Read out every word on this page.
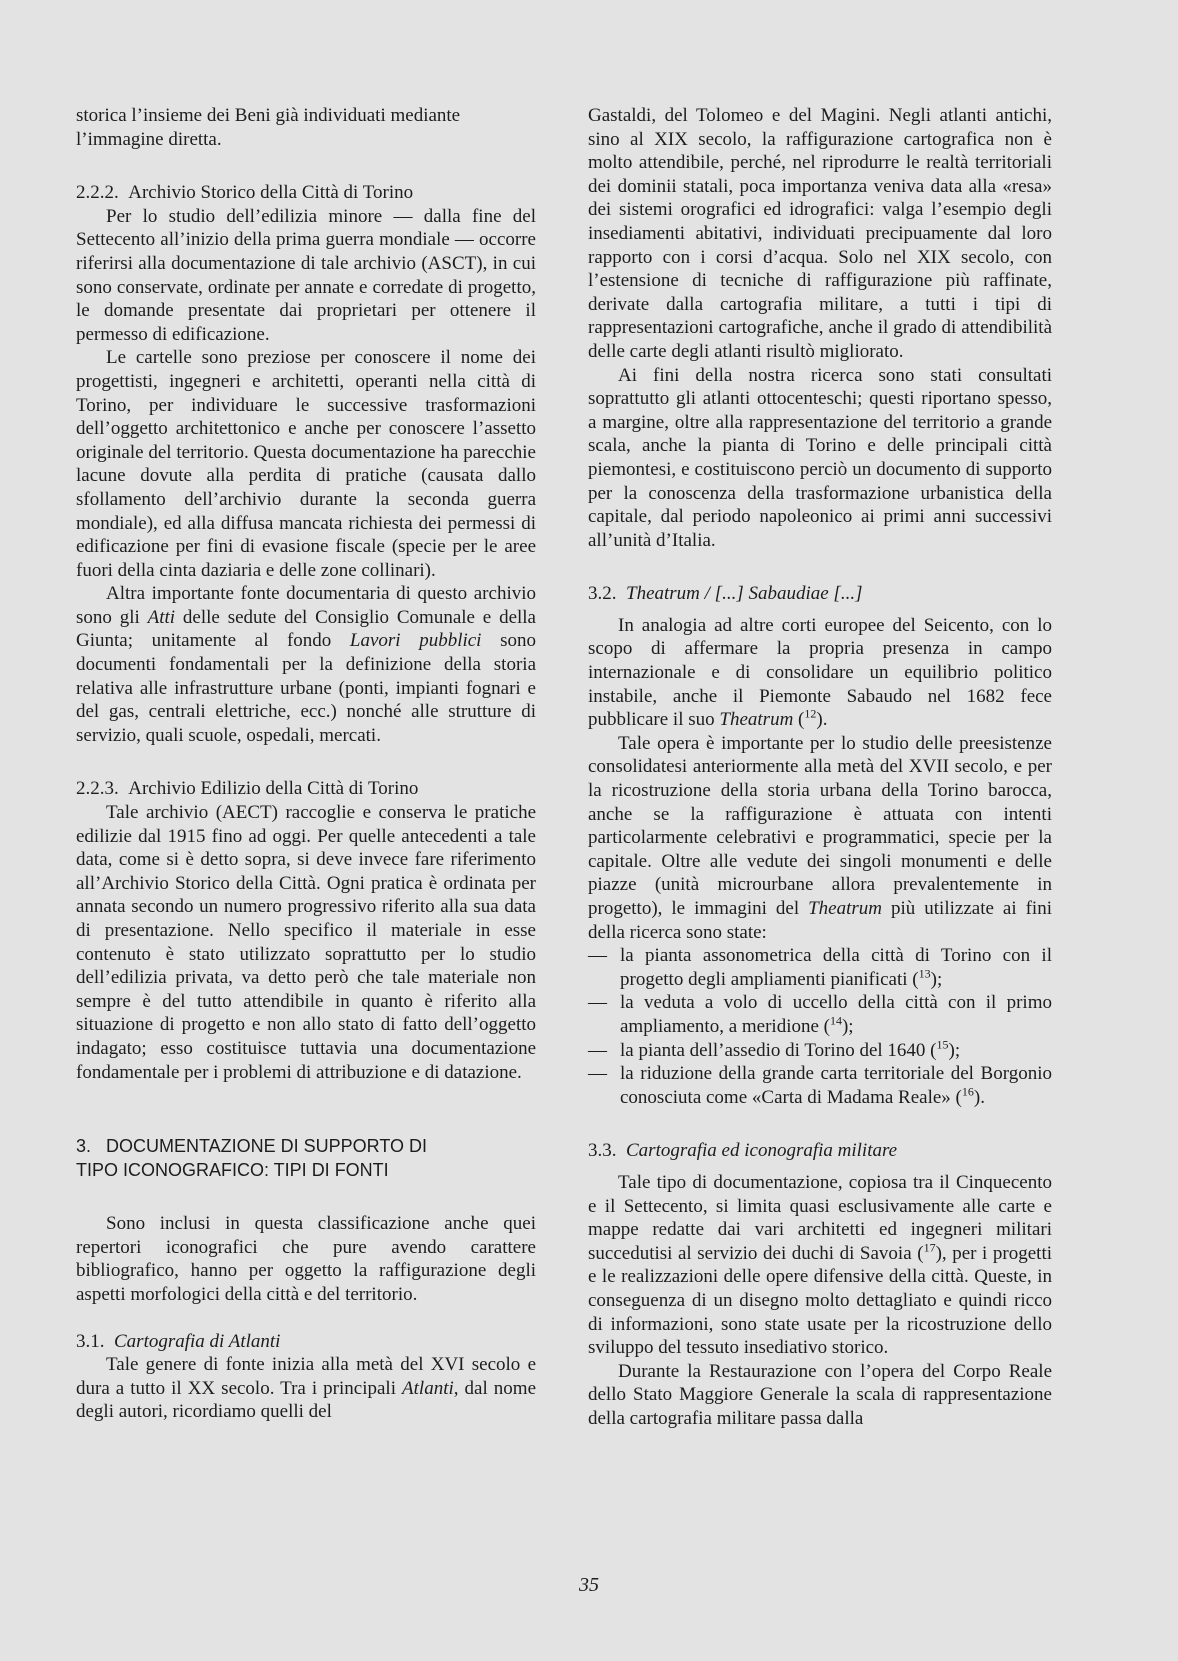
storica l’insieme dei Beni già individuati mediante l’immagine diretta.

2.2.2. Archivio Storico della Città di Torino

Per lo studio dell’edilizia minore — dalla fine del Settecento all’inizio della prima guerra mondiale — occorre riferirsi alla documentazione di tale archivio (ASCT), in cui sono conservate, ordinate per annate e corredate di progetto, le domande presentate dai proprietari per ottenere il permesso di edificazione.

Le cartelle sono preziose per conoscere il nome dei progettisti, ingegneri e architetti, operanti nella città di Torino, per individuare le successive trasformazioni dell’oggetto architettonico e anche per conoscere l’assetto originale del territorio. Questa documentazione ha parecchie lacune dovute alla perdita di pratiche (causata dallo sfollamento dell’archivio durante la seconda guerra mondiale), ed alla diffusa mancata richiesta dei permessi di edificazione per fini di evasione fiscale (specie per le aree fuori della cinta daziaria e delle zone collinari).

Altra importante fonte documentaria di questo archivio sono gli Atti delle sedute del Consiglio Comunale e della Giunta; unitamente al fondo Lavori pubblici sono documenti fondamentali per la definizione della storia relativa alle infrastrutture urbane (ponti, impianti fognari e del gas, centrali elettriche, ecc.) nonché alle strutture di servizio, quali scuole, ospedali, mercati.

2.2.3. Archivio Edilizio della Città di Torino

Tale archivio (AECT) raccoglie e conserva le pratiche edilizie dal 1915 fino ad oggi. Per quelle antecedenti a tale data, come si è detto sopra, si deve invece fare riferimento all’Archivio Storico della Città. Ogni pratica è ordinata per annata secondo un numero progressivo riferito alla sua data di presentazione. Nello specifico il materiale in esse contenuto è stato utilizzato soprattutto per lo studio dell’edilizia privata, va detto però che tale materiale non sempre è del tutto attendibile in quanto è riferito alla situazione di progetto e non allo stato di fatto dell’oggetto indagato; esso costituisce tuttavia una documentazione fondamentale per i problemi di attribuzione e di datazione.

3. DOCUMENTAZIONE DI SUPPORTO DI

TIPO ICONOGRAFICO: TIPI DI FONTI

Sono inclusi in questa classificazione anche quei repertori iconografici che pure avendo carattere bibliografico, hanno per oggetto la raffigurazione degli aspetti morfologici della città e del territorio.

3.1. Cartografia di Atlanti

Tale genere di fonte inizia alla metà del XVI secolo e dura a tutto il XX secolo. Tra i principali Atlanti, dal nome degli autori, ricordiamo quelli del

Gastaldi, del Tolomeo e del Magini. Negli atlanti antichi, sino al XIX secolo, la raffigurazione cartografica non è molto attendibile, perché, nel riprodurre le realtà territoriali dei dominii statali, poca importanza veniva data alla «resa» dei sistemi orografici ed idrografici: valga l’esempio degli insediamenti abitativi, individuati precipuamente dal loro rapporto con i corsi d’acqua. Solo nel XIX secolo, con l’estensione di tecniche di raffigurazione più raffinate, derivate dalla cartografia militare, a tutti i tipi di rappresentazioni cartografiche, anche il grado di attendibilità delle carte degli atlanti risultò migliorato.

Ai fini della nostra ricerca sono stati consultati soprattutto gli atlanti ottocenteschi; questi riportano spesso, a margine, oltre alla rappresentazione del territorio a grande scala, anche la pianta di Torino e delle principali città piemontesi, e costituiscono perciò un documento di supporto per la conoscenza della trasformazione urbanistica della capitale, dal periodo napoleonico ai primi anni successivi all’unità d’Italia.

3.2. Theatrum / [...] Sabaudiae [...]

In analogia ad altre corti europee del Seicento, con lo scopo di affermare la propria presenza in campo internazionale e di consolidare un equilibrio politico instabile, anche il Piemonte Sabaudo nel 1682 fece pubblicare il suo Theatrum ($^{12}$).

Tale opera è importante per lo studio delle preesistenze consolidatesi anteriormente alla metà del XVII secolo, e per la ricostruzione della storia urbana della Torino barocca, anche se la raffigurazione è attuata con intenti particolarmente celebrativi e programmatici, specie per la capitale. Oltre alle vedute dei singoli monumenti e delle piazze (unità microurbane allora prevalentemente in progetto), le immagini del Theatrum più utilizzate ai fini della ricerca sono state:

— la pianta assonometrica della città di Torino con il progetto degli ampliamenti pianificati ($^{13}$);
— la veduta a volo di uccello della città con il primo ampliamento, a meridione ($^{14}$);
— la pianta dell’assedio di Torino del 1640 ($^{15}$);
— la riduzione della grande carta territoriale del Borgonio conosciuta come «Carta di Madama Reale» ($^{16}$).

3.3. Cartografia ed iconografia militare

Tale tipo di documentazione, copiosa tra il Cinquecento e il Settecento, si limita quasi esclusivamente alle carte e mappe redatte dai vari architetti ed ingegneri militari succedutisi al servizio dei duchi di Savoia ($^{17}$), per i progetti e le realizzazioni delle opere difensive della città. Queste, in conseguenza di un disegno molto dettagliato e quindi ricco di informazioni, sono state usate per la ricostruzione dello sviluppo del tessuto insediativo storico.

Durante la Restaurazione con l’opera del Corpo Reale dello Stato Maggiore Generale la scala di rappresentazione della cartografia militare passa dalla

35
